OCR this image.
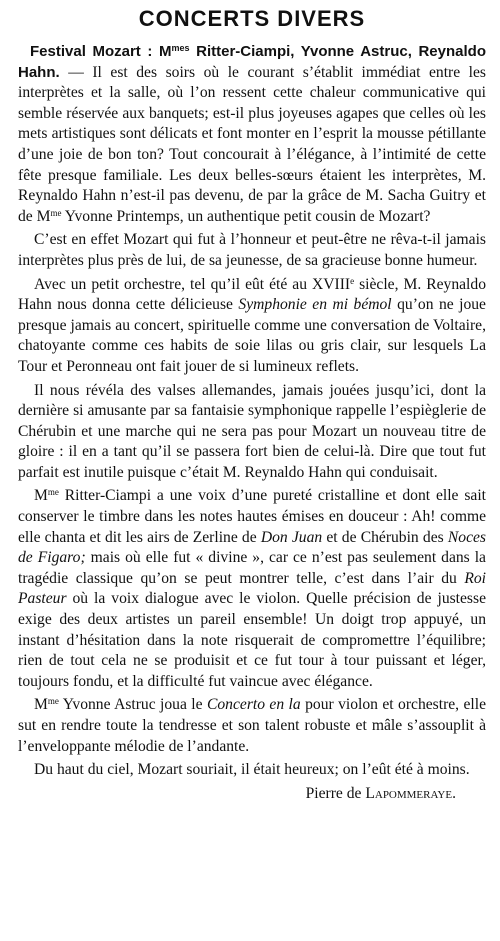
CONCERTS DIVERS

Festival Mozart : $M^{mes}$ Ritter-Ciampi, Yvonne Astruc, Reynaldo Hahn. — Il est des soirs où le courant s’établit immédiat entre les interprètes et la salle, où l’on ressent cette chaleur communicative qui semble réservée aux banquets; est-il plus joyeuses agapes que celles où les mets artistiques sont délicats et font monter en l’esprit la mousse pétillante d’une joie de bon ton? Tout concourait à l’élégance, à l’intimité de cette fête presque familiale. Les deux belles-sœurs étaient les interprètes, M. Reynaldo Hahn n’est-il pas devenu, de par la grâce de M. Sacha Guitry et de $M^{me}$ Yvonne Printemps, un authentique petit cousin de Mozart?

C’est en effet Mozart qui fut à l’honneur et peut-être ne rêva-t-il jamais interprètes plus près de lui, de sa jeunesse, de sa gracieuse bonne humeur.

Avec un petit orchestre, tel qu’il eût été au XVIIIe siècle, M. Reynaldo Hahn nous donna cette délicieuse Symphonie en mi bémol qu’on ne joue presque jamais au concert, spirituelle comme une conversation de Voltaire, chatoyante comme ces habits de soie lilas ou gris clair, sur lesquels La Tour et Peronneau ont fait jouer de si lumineux reflets.

Il nous révéla des valses allemandes, jamais jouées jusqu’ici, dont la dernière si amusante par sa fantaisie symphonique rappelle l’espièglerie de Chérubin et une marche qui ne sera pas pour Mozart un nouveau titre de gloire : il en a tant qu’il se passera fort bien de celui-là. Dire que tout fut parfait est inutile puisque c’était M. Reynaldo Hahn qui conduisait.

$M^{me}$ Ritter-Ciampi a une voix d’une pureté cristalline et dont elle sait conserver le timbre dans les notes hautes émises en douceur : Ah! comme elle chanta et dit les airs de Zerline de Don Juan et de Chérubin des Noces de Figaro; mais où elle fut « divine », car ce n’est pas seulement dans la tragédie classique qu’on se peut montrer telle, c’est dans l’air du Roi Pasteur où la voix dialogue avec le violon. Quelle précision de justesse exige des deux artistes un pareil ensemble! Un doigt trop appuyé, un instant d’hésitation dans la note risquerait de compromettre l’équilibre; rien de tout cela ne se produisit et ce fut tour à tour puissant et léger, toujours fondu, et la difficulté fut vaincue avec élégance.

$M^{me}$ Yvonne Astruc joua le Concerto en la pour violon et orchestre, elle sut en rendre toute la tendresse et son talent robuste et mâle s’assouplit à l’enveloppante mélodie de l’andante.

Du haut du ciel, Mozart souriait, il était heureux; on l’eût été à moins.

Pierre de Lapommeraye.
